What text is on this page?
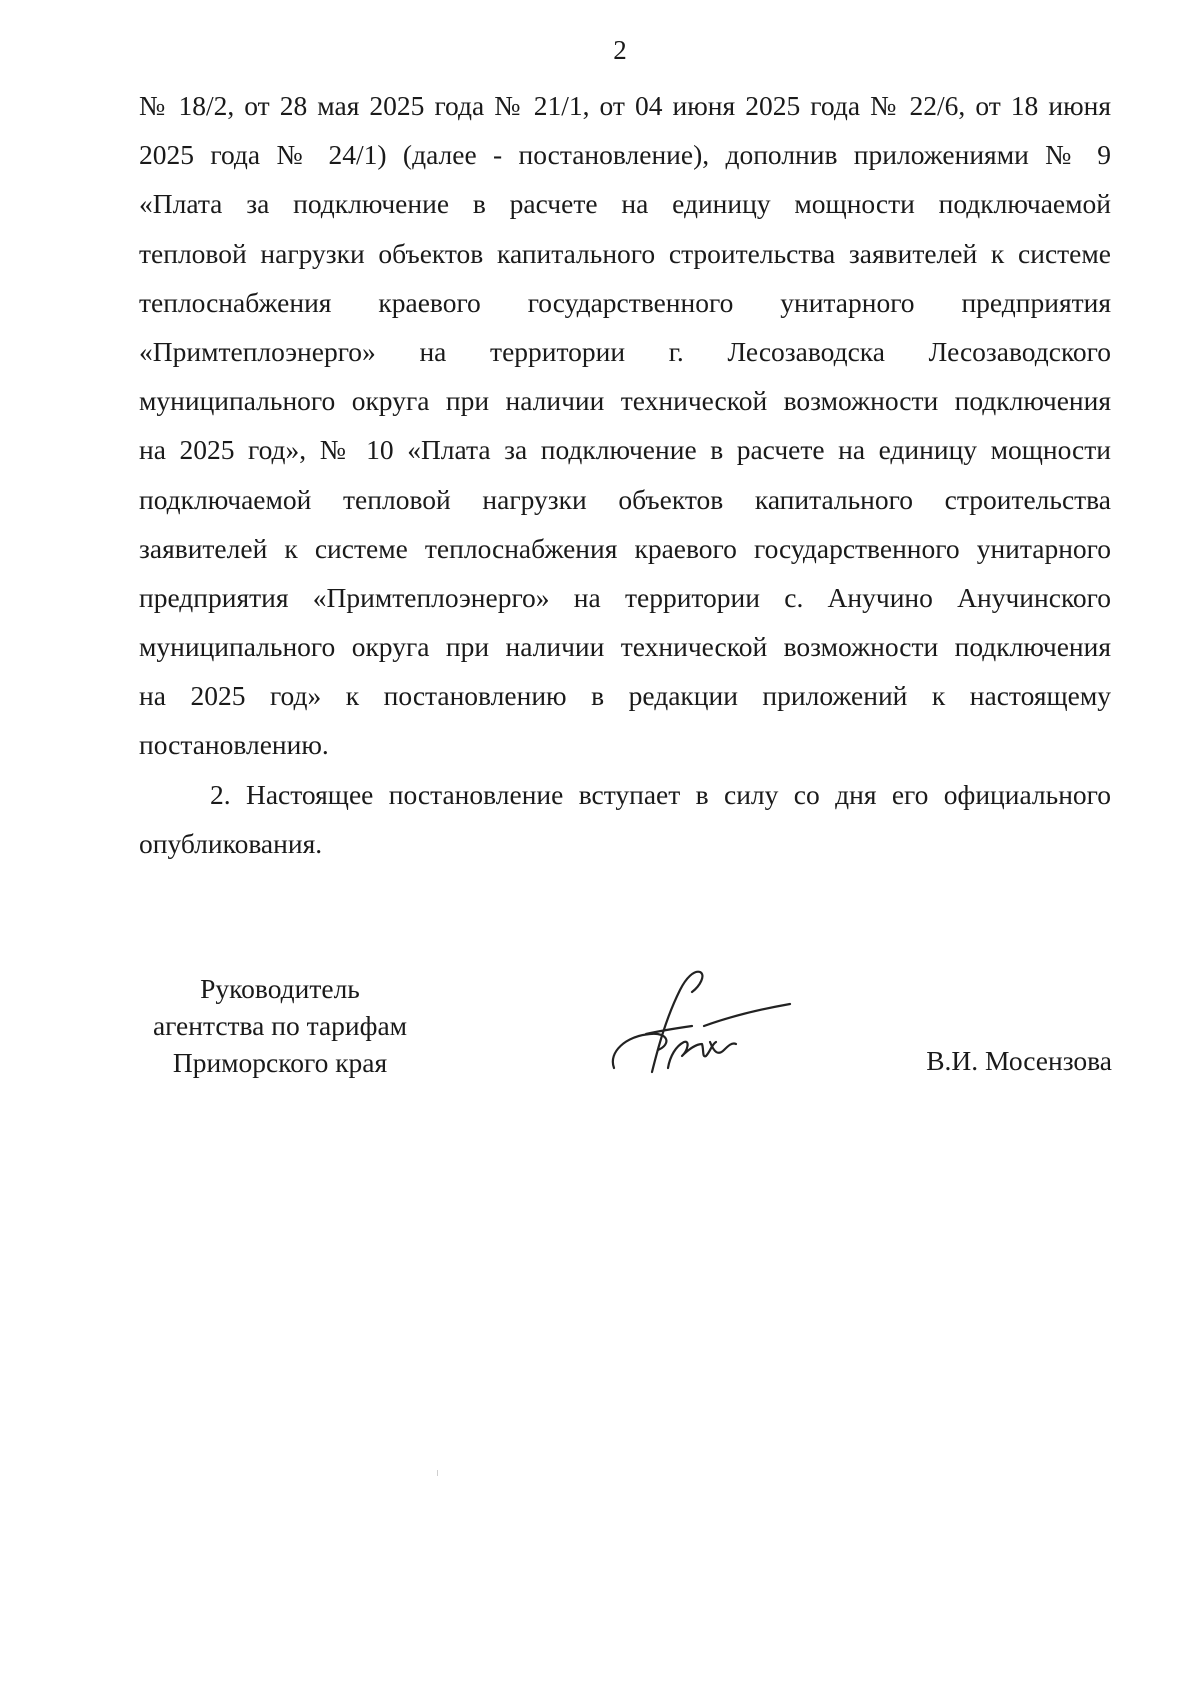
2
№ 18/2, от 28 мая 2025 года № 21/1, от 04 июня 2025 года № 22/6, от 18 июня
2025 года № 24/1) (далее - постановление), дополнив приложениями № 9
«Плата за подключение в расчете на единицу мощности подключаемой
тепловой нагрузки объектов капитального строительства заявителей к системе
теплоснабжения краевого государственного унитарного предприятия
«Примтеплоэнерго» на территории г. Лесозаводска Лесозаводского
муниципального округа при наличии технической возможности подключения
на 2025 год», № 10 «Плата за подключение в расчете на единицу мощности
подключаемой тепловой нагрузки объектов капитального строительства
заявителей к системе теплоснабжения краевого государственного унитарного
предприятия «Примтеплоэнерго» на территории с. Анучино Анучинского
муниципального округа при наличии технической возможности подключения
на 2025 год» к постановлению в редакции приложений к настоящему
постановлению.
2. Настоящее постановление вступает в силу со дня его официального
опубликования.
Руководитель
агентства по тарифам
Приморского края	В.И. Мосензова
